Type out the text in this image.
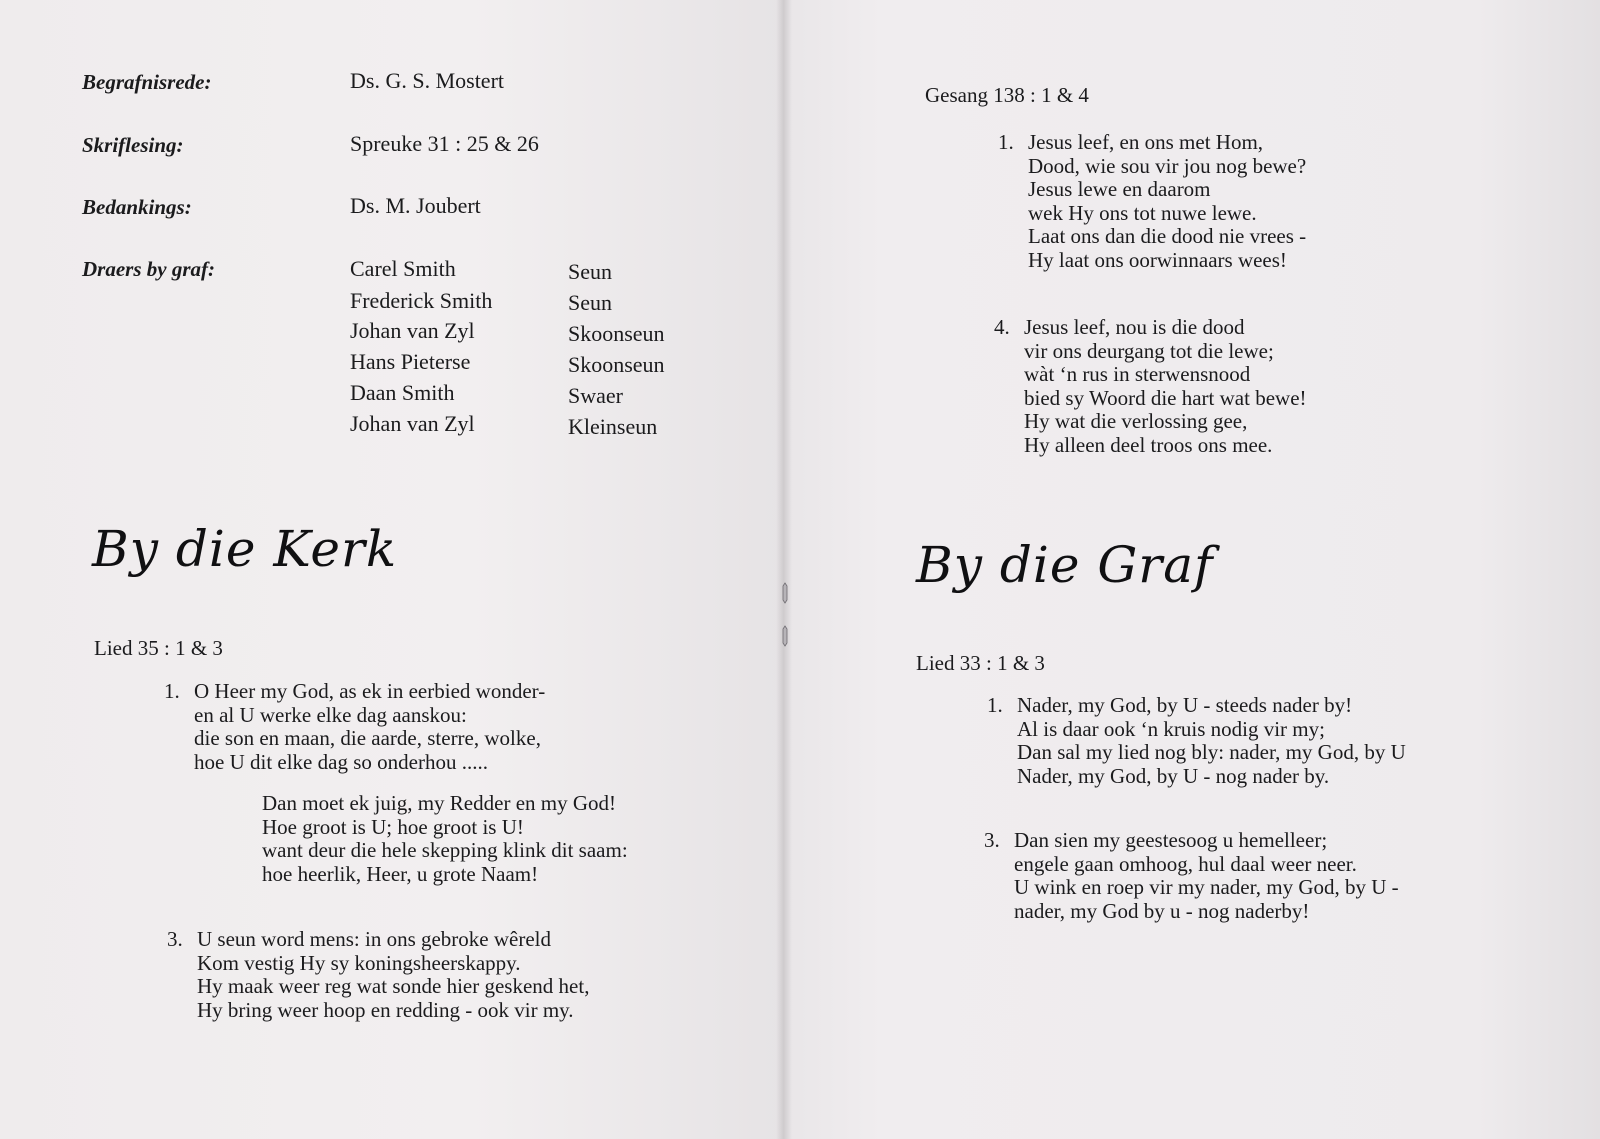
Begrafnisrede:	Ds. G. S. Mostert
Skriflesing:	Spreuke 31 : 25 & 26
Bedankings:	Ds. M. Joubert
Draers by graf:	Carel Smith	Seun
Frederick Smith	Seun
Johan van Zyl	Skoonseun
Hans Pieterse	Skoonseun
Daan Smith	Swaer
Johan van Zyl	Kleinseun
By die Kerk
Lied 35 : 1 & 3
1. O Heer my God, as ek in eerbied wonder-
en al U werke elke dag aanskou:
die son en maan, die aarde, sterre, wolke,
hoe U dit elke dag so onderhou .....
Dan moet ek juig, my Redder en my God!
Hoe groot is U; hoe groot is U!
want deur die hele skepping klink dit saam:
hoe heerlik, Heer, u grote Naam!
3. U seun word mens: in ons gebroke wêreld
Kom vestig Hy sy koningsheerskappy.
Hy maak weer reg wat sonde hier geskend het,
Hy bring weer hoop en redding - ook vir my.
Gesang 138 : 1 & 4
1. Jesus leef, en ons met Hom,
Dood, wie sou vir jou nog bewe?
Jesus lewe en daarom
wek Hy ons tot nuwe lewe.
Laat ons dan die dood nie vrees -
Hy laat ons oorwinnaars wees!
4. Jesus leef, nou is die dood
vir ons deurgang tot die lewe;
wàt ‘n rus in sterwensnood
bied sy Woord die hart wat bewe!
Hy wat die verlossing gee,
Hy alleen deel troos ons mee.
By die Graf
Lied 33 : 1 & 3
1. Nader, my God, by U - steeds nader by!
Al is daar ook ‘n kruis nodig vir my;
Dan sal my lied nog bly: nader, my God, by U
Nader, my God, by U - nog nader by.
3. Dan sien my geestesoog u hemelleer;
engele gaan omhoog, hul daal weer neer.
U wink en roep vir my nader, my God, by U -
nader, my God by u - nog naderby!
